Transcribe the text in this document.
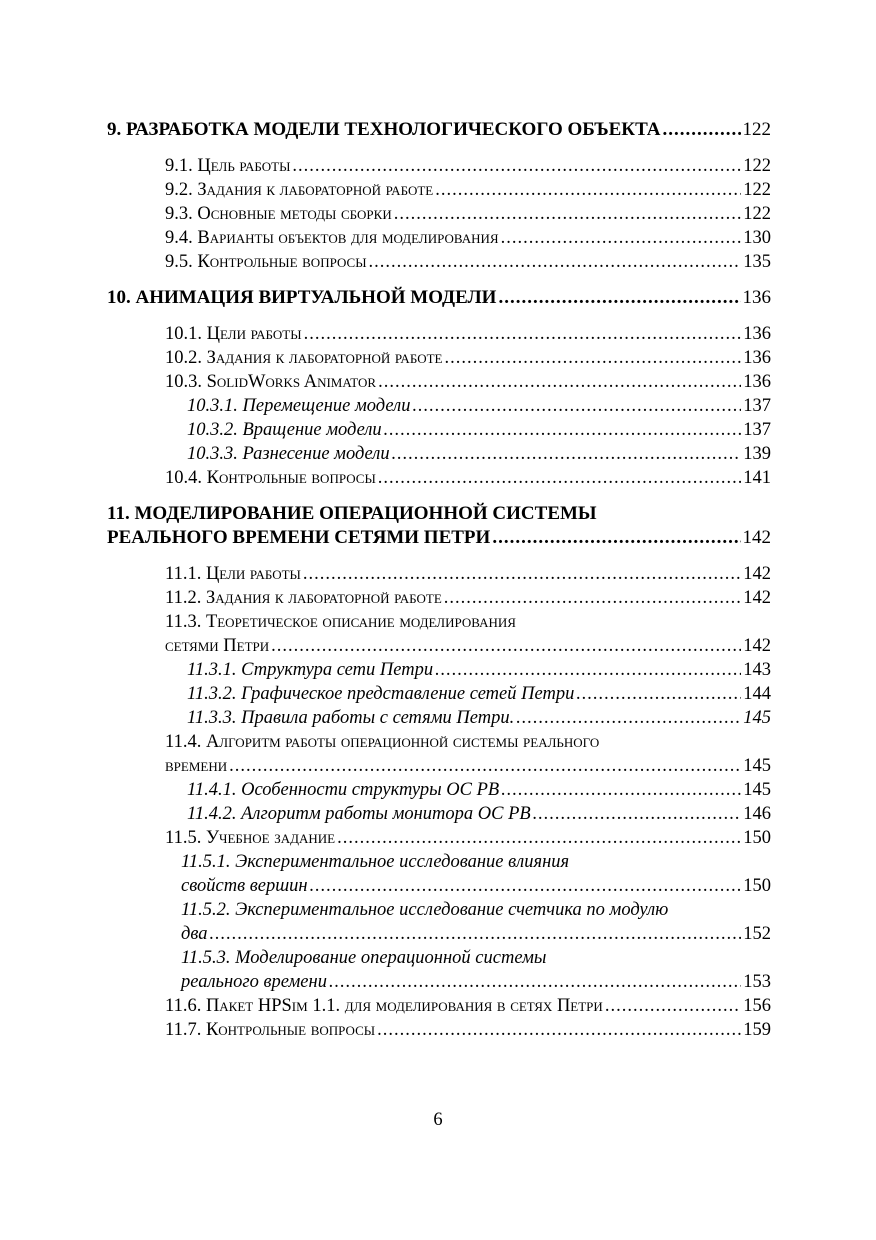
9. РАЗРАБОТКА МОДЕЛИ ТЕХНОЛОГИЧЕСКОГО ОБЪЕКТА .....	122
9.1. Цель работы .....	122
9.2. Задания к лабораторной работе .....	122
9.3. Основные методы сборки .....	122
9.4. Варианты объектов для моделирования .....	130
9.5. Контрольные вопросы .....	135
10. АНИМАЦИЯ ВИРТУАЛЬНОЙ МОДЕЛИ .....	136
10.1. Цели работы .....	136
10.2. Задания к лабораторной работе .....	136
10.3. SolidWorks Animator .....	136
10.3.1. Перемещение модели .....	137
10.3.2. Вращение модели .....	137
10.3.3. Разнесение модели .....	139
10.4. Контрольные вопросы .....	141
11. МОДЕЛИРОВАНИЕ ОПЕРАЦИОННОЙ СИСТЕМЫ
РЕАЛЬНОГО ВРЕМЕНИ СЕТЯМИ ПЕТРИ .....	142
11.1. Цели работы .....	142
11.2. Задания к лабораторной работе .....	142
11.3. Теоретическое описание моделирования
сетями Петри .....	142
11.3.1. Структура сети Петри .....	143
11.3.2. Графическое представление сетей Петри .....	144
11.3.3. Правила работы с сетями Петри. .....	145
11.4. Алгоритм работы операционной системы реального
времени .....	145
11.4.1. Особенности структуры ОС РВ .....	145
11.4.2. Алгоритм работы монитора ОС РВ .....	146
11.5. Учебное задание .....	150
11.5.1. Экспериментальное исследование влияния
свойств вершин .....	150
11.5.2. Экспериментальное исследование счетчика по модулю
два .....	152
11.5.3. Моделирование операционной системы
реального времени .....	153
11.6. Пакет HPSim 1.1. для моделирования в сетях Петри .....	156
11.7. Контрольные вопросы .....	159
6
